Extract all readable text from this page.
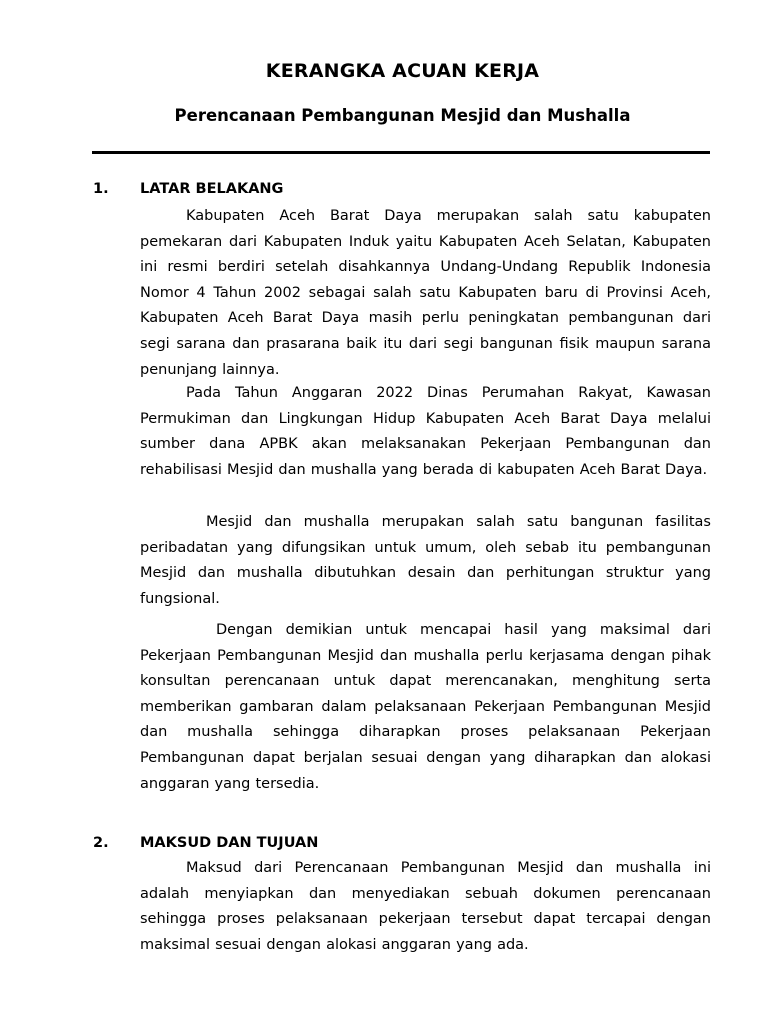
KERANGKA ACUAN KERJA
Perencanaan Pembangunan Mesjid dan Mushalla
1. LATAR BELAKANG

Kabupaten Aceh Barat Daya merupakan salah satu kabupaten pemekaran dari Kabupaten Induk yaitu Kabupaten Aceh Selatan, Kabupaten ini resmi berdiri setelah disahkannya Undang-Undang Republik Indonesia Nomor 4 Tahun 2002 sebagai salah satu Kabupaten baru di Provinsi Aceh, Kabupaten Aceh Barat Daya masih perlu peningkatan pembangunan dari segi sarana dan prasarana baik itu dari segi bangunan fisik maupun sarana penunjang lainnya.

Pada Tahun Anggaran 2022 Dinas Perumahan Rakyat, Kawasan Permukiman dan Lingkungan Hidup Kabupaten Aceh Barat Daya melalui sumber dana APBK akan melaksanakan Pekerjaan Pembangunan dan rehabilisasi Mesjid dan mushalla yang berada di kabupaten Aceh Barat Daya.

Mesjid dan mushalla merupakan salah satu bangunan fasilitas peribadatan yang difungsikan untuk umum, oleh sebab itu pembangunan Mesjid dan mushalla dibutuhkan desain dan perhitungan struktur yang fungsional.

Dengan demikian untuk mencapai hasil yang maksimal dari Pekerjaan Pembangunan Mesjid dan mushalla perlu kerjasama dengan pihak konsultan perencanaan untuk dapat merencanakan, menghitung serta memberikan gambaran dalam pelaksanaan Pekerjaan Pembangunan Mesjid dan mushalla sehingga diharapkan proses pelaksanaan Pekerjaan Pembangunan dapat berjalan sesuai dengan yang diharapkan dan alokasi anggaran yang tersedia.

2. MAKSUD DAN TUJUAN

Maksud dari Perencanaan Pembangunan Mesjid dan mushalla ini adalah menyiapkan dan menyediakan sebuah dokumen perencanaan sehingga proses pelaksanaan pekerjaan tersebut dapat tercapai dengan maksimal sesuai dengan alokasi anggaran yang ada.
